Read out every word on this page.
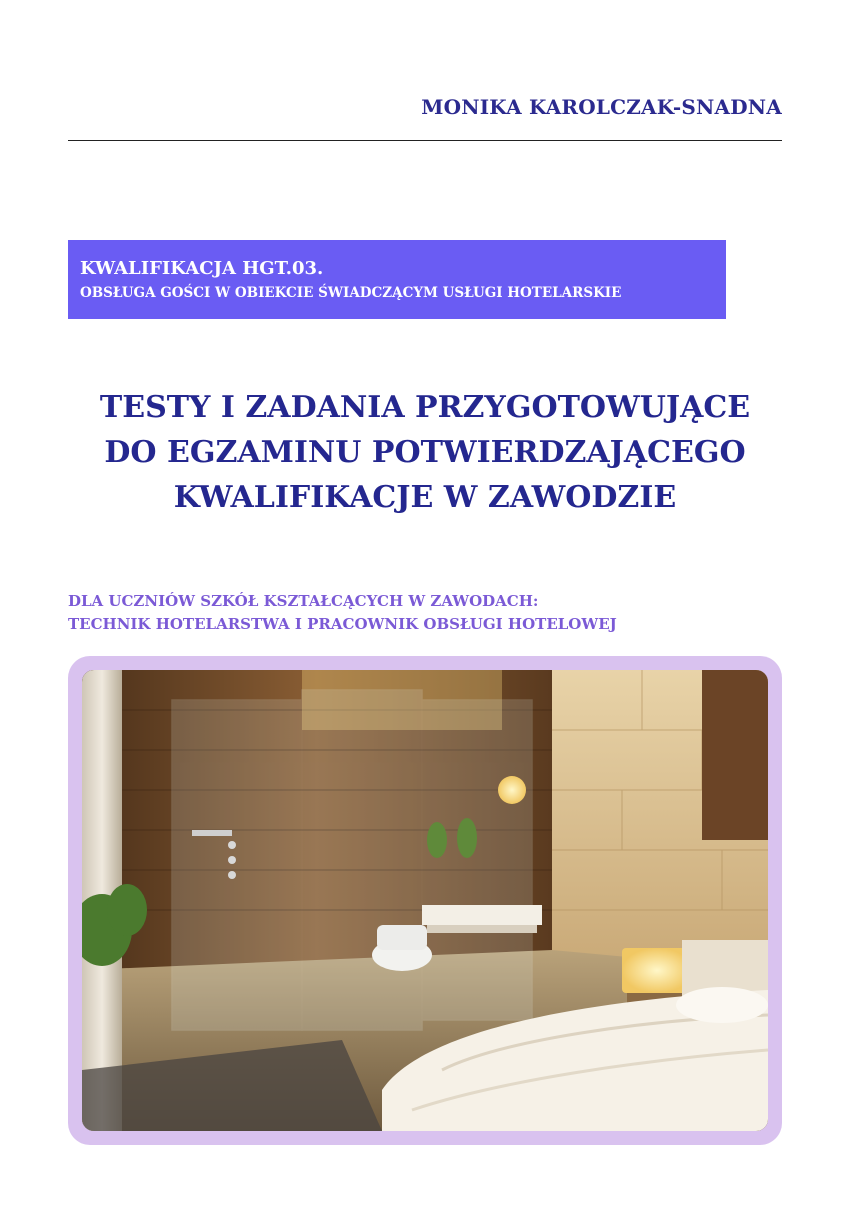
MONIKA KAROLCZAK-SNADNA
KWALIFIKACJA HGT.03.
OBSŁUGA GOŚCI W OBIEKCIE ŚWIADCZĄCYM USŁUGI HOTELARSKIE
TESTY I ZADANIA PRZYGOTOWUJĄCE
DO EGZAMINU POTWIERDZAJĄCEGO
KWALIFIKACJE W ZAWODZIE
DLA UCZNIÓW SZKÓŁ KSZTAŁCĄCYCH W ZAWODACH:
TECHNIK HOTELARSTWA I PRACOWNIK OBSŁUGI HOTELOWEJ
